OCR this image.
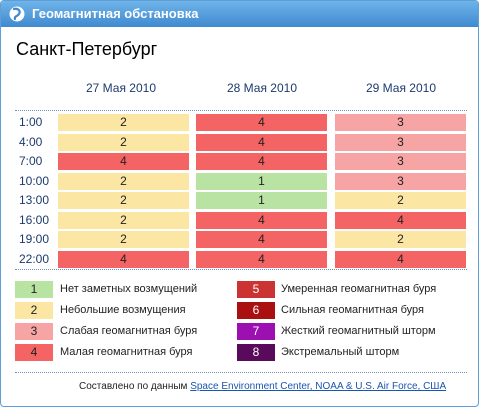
Геомагнитная обстановка
Санкт-Петербург
27 Мая 2010	28 Мая 2010	29 Мая 2010
1:00	2	4	3
4:00	2	4	3
7:00	4	4	3
10:00	2	1	3
13:00	2	1	2
16:00	2	4	4
19:00	2	4	2
22:00	4	4	4
1	Нет заметных возмущений
2	Небольшие возмущения
3	Слабая геомагнитная буря
4	Малая геомагнитная буря
5	Умеренная геомагнитная буря
6	Сильная геомагнитная буря
7	Жесткий геомагнитный шторм
8	Экстремальный шторм
Составлено по данным Space Environment Center, NOAA & U.S. Air Force, США
